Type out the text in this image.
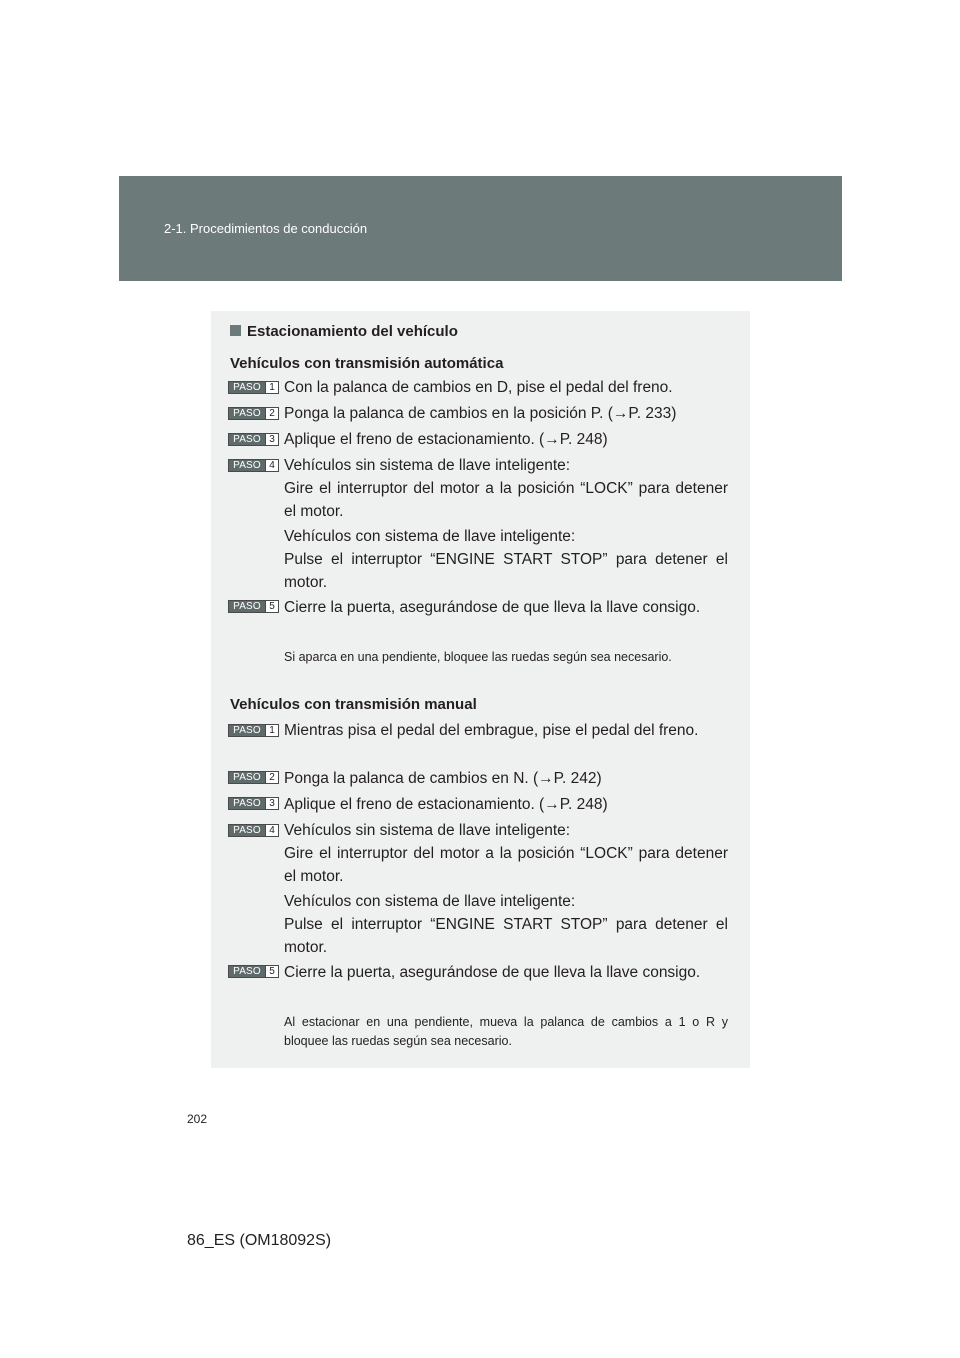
2-1. Procedimientos de conducción
Estacionamiento del vehículo
Vehículos con transmisión automática
PASO 1 Con la palanca de cambios en D, pise el pedal del freno.

PASO 2 Ponga la palanca de cambios en la posición P. (→P. 233)

PASO 3 Aplique el freno de estacionamiento. (→P. 248)

PASO 4 Vehículos sin sistema de llave inteligente:

Gire el interruptor del motor a la posición “LOCK” para detener el motor.

Vehículos con sistema de llave inteligente:

Pulse el interruptor “ENGINE START STOP” para detener el motor.

PASO 5 Cierre la puerta, asegurándose de que lleva la llave consigo.

Si aparca en una pendiente, bloquee las ruedas según sea necesario.
Vehículos con transmisión manual
PASO 1 Mientras pisa el pedal del embrague, pise el pedal del freno.

PASO 2 Ponga la palanca de cambios en N. (→P. 242)

PASO 3 Aplique el freno de estacionamiento. (→P. 248)

PASO 4 Vehículos sin sistema de llave inteligente:

Gire el interruptor del motor a la posición “LOCK” para detener el motor.

Vehículos con sistema de llave inteligente:

Pulse el interruptor “ENGINE START STOP” para detener el motor.

PASO 5 Cierre la puerta, asegurándose de que lleva la llave consigo.

Al estacionar en una pendiente, mueva la palanca de cambios a 1 o R y bloquee las ruedas según sea necesario.
202
86_ES (OM18092S)
